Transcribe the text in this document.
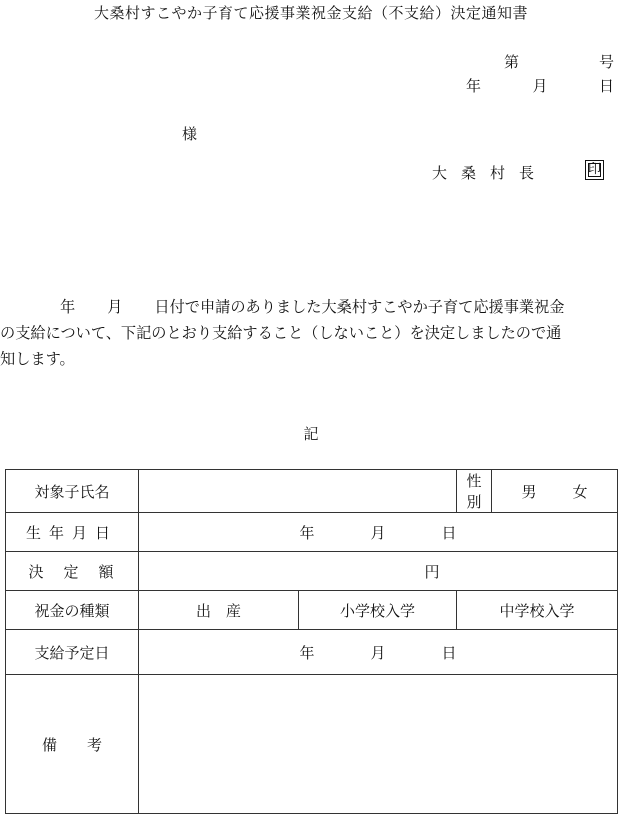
大桑村すこやか子育て応援事業祝金支給（不支給）決定通知書
第	号
年	月	日
様
大桑村長	印

年 月 日付で申請のありました大桑村すこやか子育て応援事業祝金

の支給について、下記のとおり支給すること（しないこと）を決定しましたので通

知します。

記
対象子氏名			性　別	男 女
生年月日	年 月 日			
決定額	円			
祝金の種類	出　産	小学校入学	中学校入学	
支給予定日	年 月 日			
備　　考				
